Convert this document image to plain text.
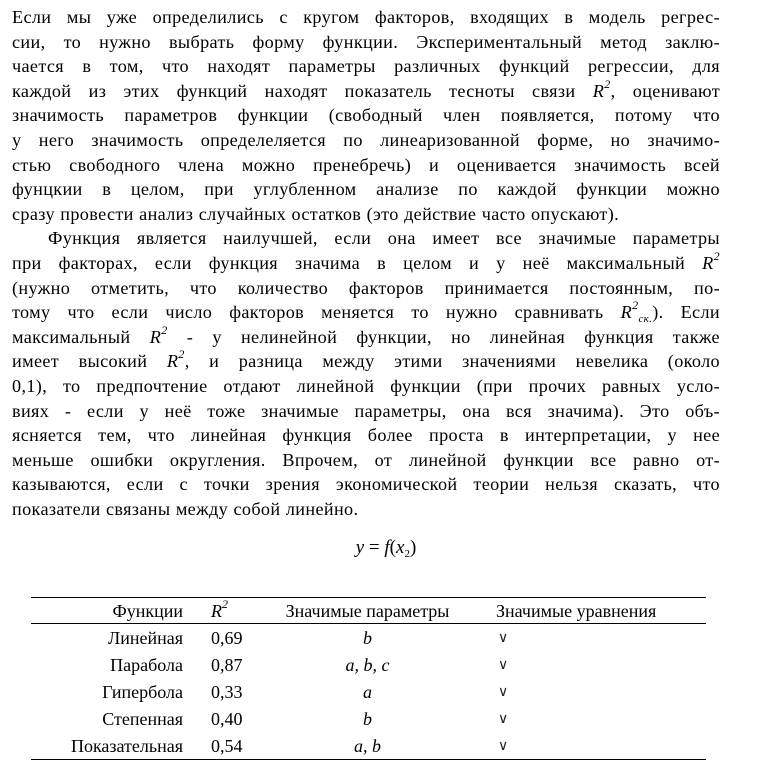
Если мы уже определились с кругом факторов, входящих в модель регрес-
сии, то нужно выбрать форму функции. Экспериментальный метод заклю-
чается в том, что находят параметры различных функций регрессии, для
каждой из этих функций находят показатель тесноты связи $R^2$, оценивают
значимость параметров функции (свободный член появляется, потому что
у него значимость определеляется по линеаризованной форме, но значимо-
стью свободного члена можно пренебречь) и оценивается значимость всей
фунцкии в целом, при углубленном анализе по каждой функции можно
сразу провести анализ случайных остатков (это действие часто опускают).

Функция является наилучшей, если она имеет все значимые параметры
при факторах, если функция значима в целом и у неё максимальный $R^2$
(нужно отметить, что количество факторов принимается постоянным, по-
тому что если число факторов меняется то нужно сравнивать $R^2_{ск.}$). Если
максимальный $R^2$ - у нелинейной функции, но линейная функция также
имеет высокий $R^2$, и разница между этими значениями невелика (около
0,1), то предпочтение отдают линейной функции (при прочих равных усло-
виях - если у неё тоже значимые параметры, она вся значима). Это объ-
ясняется тем, что линейная функция более проста в интерпретации, у нее
меньше ошибки округления. Впрочем, от линейной функции все равно от-
казываются, если с точки зрения экономической теории нельзя сказать, что
показатели связаны между собой линейно.

$y = f(x_2)$
Функции	$R^2$	Значимые параметры	Значимые уравнения
Линейная	0,69	b	∨
Парабола	0,87	a, b, c	∨
Гипербола	0,33	a	∨
Степенная	0,40	b	∨
Показательная	0,54	a, b	∨
